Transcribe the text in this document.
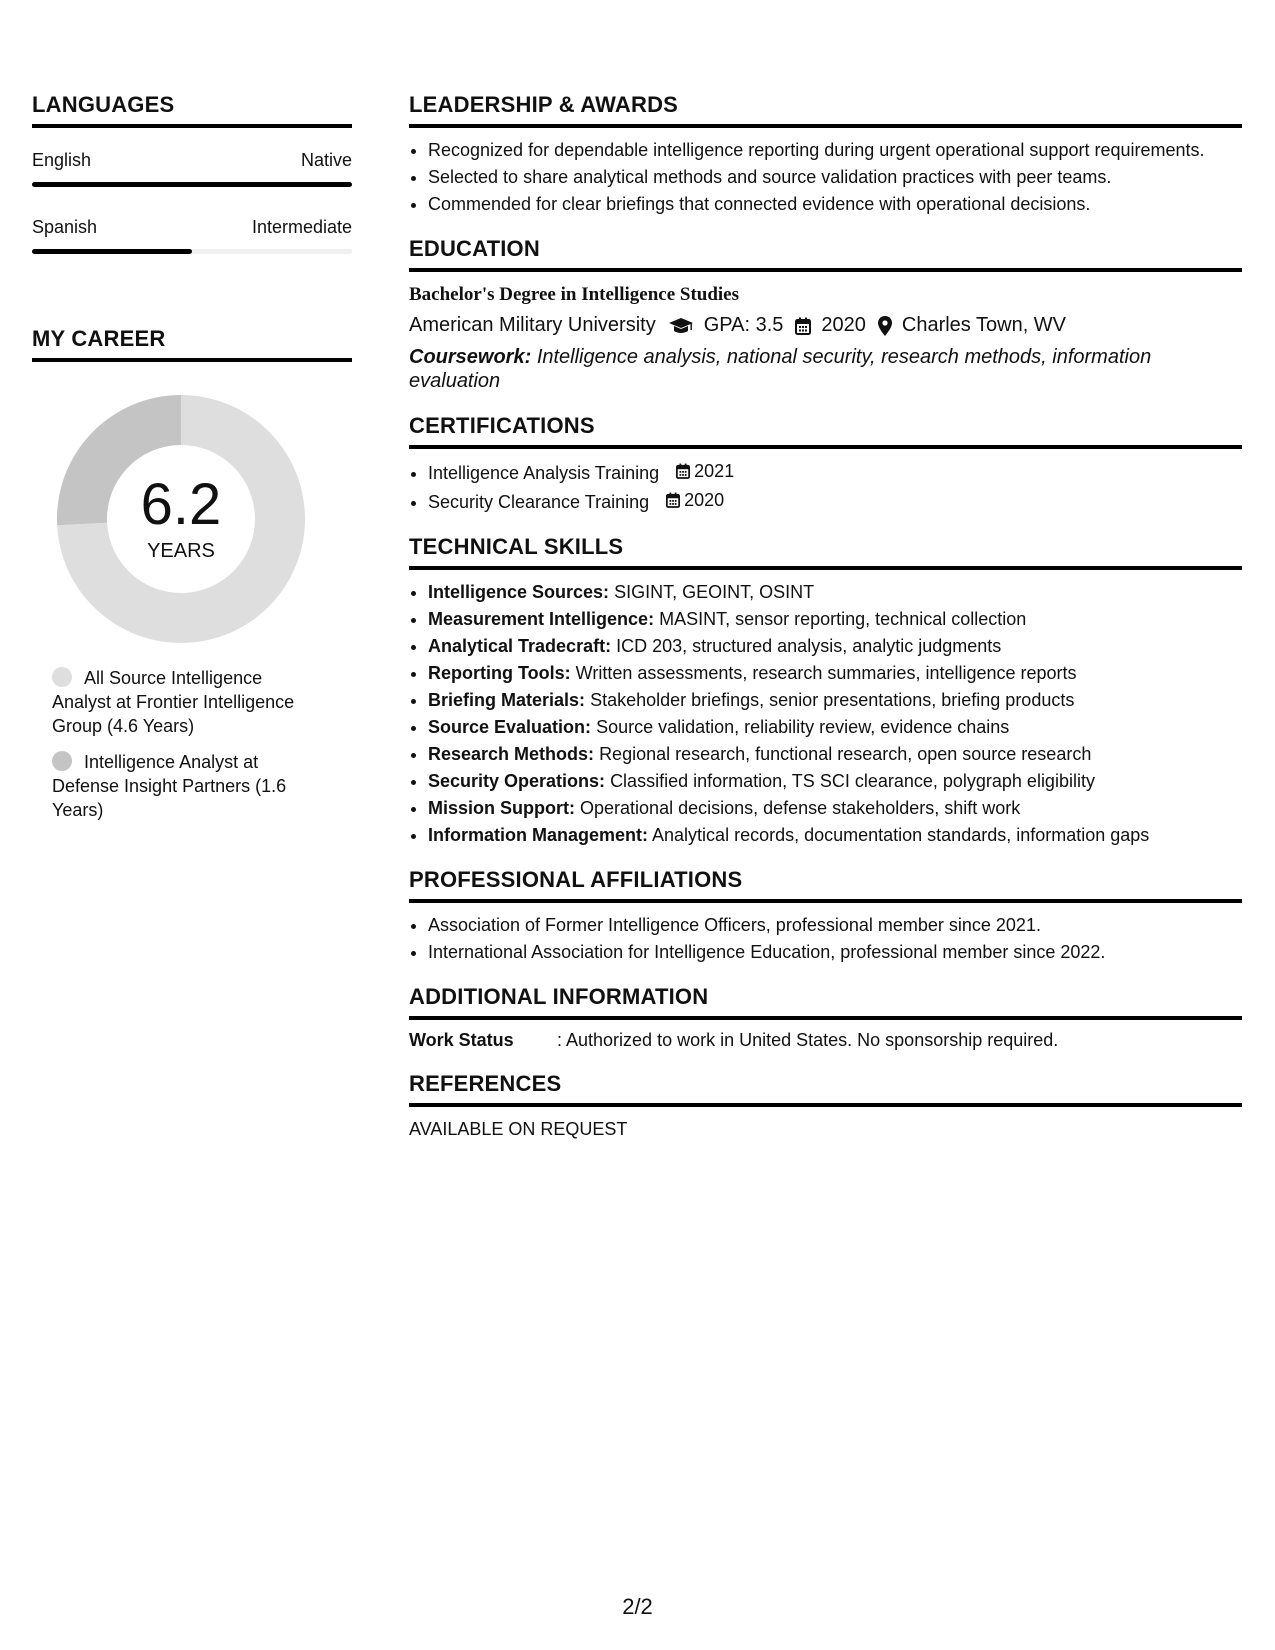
LANGUAGES
English	Native
Spanish	Intermediate
MY CAREER
6.2
YEARS
All Source Intelligence Analyst at Frontier Intelligence Group (4.6 Years)
Intelligence Analyst at Defense Insight Partners (1.6 Years)
LEADERSHIP & AWARDS
• Recognized for dependable intelligence reporting during urgent operational support requirements.
• Selected to share analytical methods and source validation practices with peer teams.
• Commended for clear briefings that connected evidence with operational decisions.
EDUCATION
Bachelor's Degree in Intelligence Studies
American Military University GPA: 3.5 2020 Charles Town, WV
Coursework: Intelligence analysis, national security, research methods, information evaluation
CERTIFICATIONS
• Intelligence Analysis Training 2021
• Security Clearance Training 2020
TECHNICAL SKILLS
• Intelligence Sources: SIGINT, GEOINT, OSINT
• Measurement Intelligence: MASINT, sensor reporting, technical collection
• Analytical Tradecraft: ICD 203, structured analysis, analytic judgments
• Reporting Tools: Written assessments, research summaries, intelligence reports
• Briefing Materials: Stakeholder briefings, senior presentations, briefing products
• Source Evaluation: Source validation, reliability review, evidence chains
• Research Methods: Regional research, functional research, open source research
• Security Operations: Classified information, TS SCI clearance, polygraph eligibility
• Mission Support: Operational decisions, defense stakeholders, shift work
• Information Management: Analytical records, documentation standards, information gaps
PROFESSIONAL AFFILIATIONS
• Association of Former Intelligence Officers, professional member since 2021.
• International Association for Intelligence Education, professional member since 2022.
ADDITIONAL INFORMATION
Work Status	: Authorized to work in United States. No sponsorship required.
REFERENCES
AVAILABLE ON REQUEST
2/2
